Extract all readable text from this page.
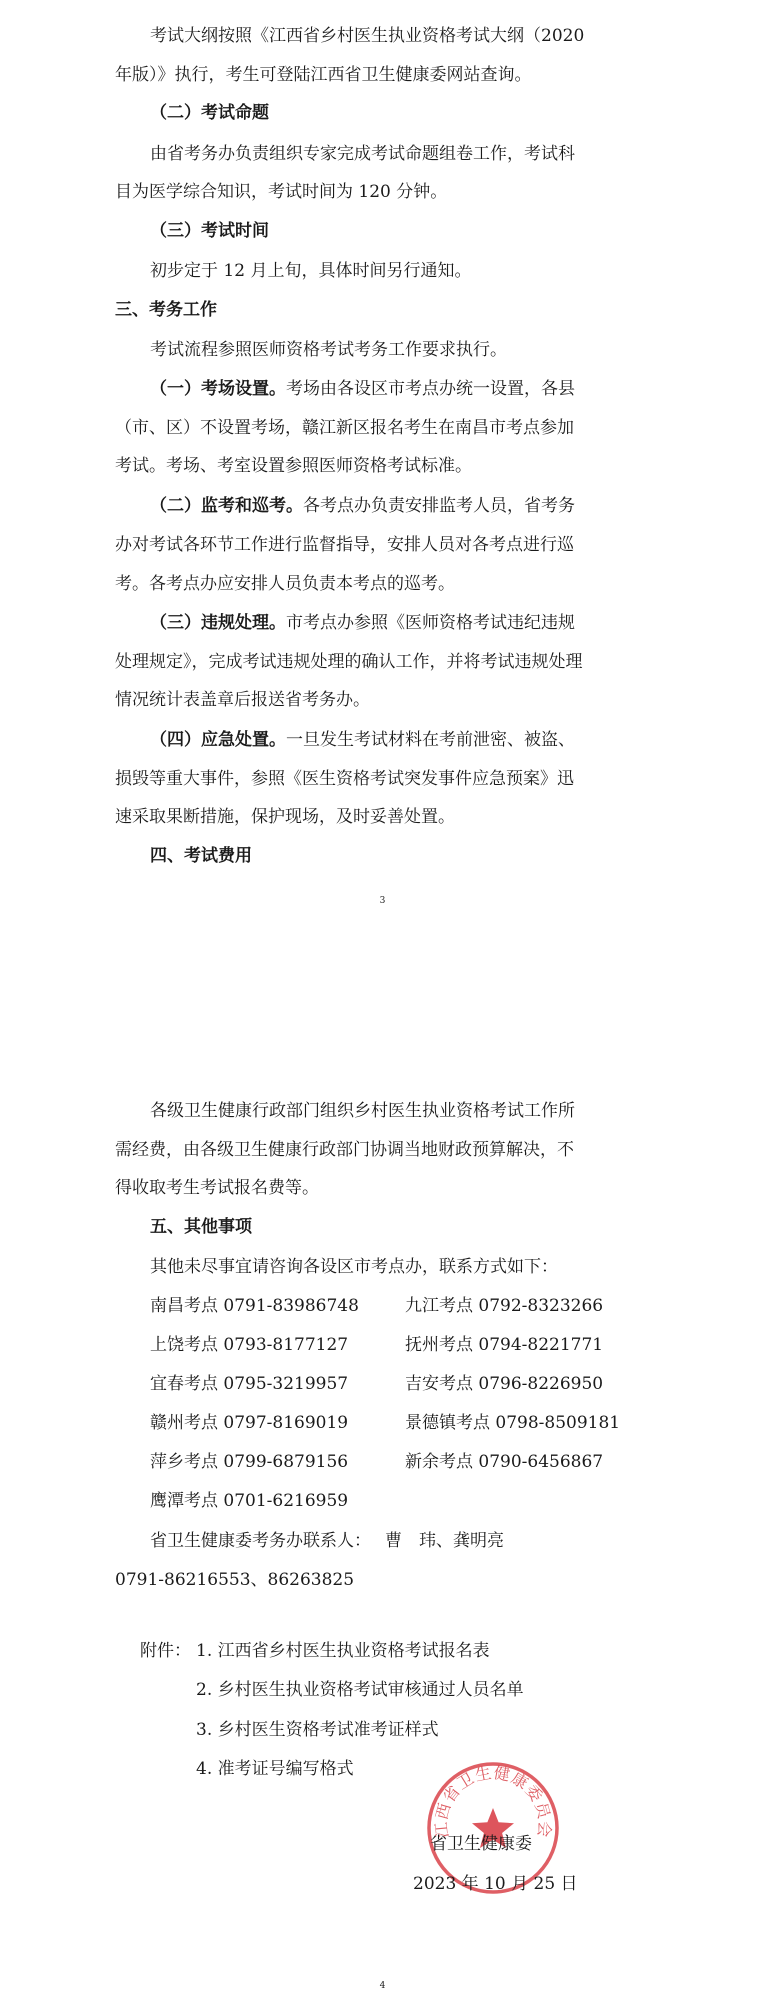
考试大纲按照《江西省乡村医生执业资格考试大纲（2020

年版）》执行，考生可登陆江西省卫生健康委网站查询。

（二）考试命题

由省考务办负责组织专家完成考试命题组卷工作，考试科

目为医学综合知识，考试时间为 120 分钟。

（三）考试时间

初步定于 12 月上旬，具体时间另行通知。

三、考务工作

考试流程参照医师资格考试考务工作要求执行。

（一）考场设置。考场由各设区市考点办统一设置，各县

（市、区）不设置考场，赣江新区报名考生在南昌市考点参加

考试。考场、考室设置参照医师资格考试标准。

（二）监考和巡考。各考点办负责安排监考人员，省考务

办对考试各环节工作进行监督指导，安排人员对各考点进行巡

考。各考点办应安排人员负责本考点的巡考。

（三）违规处理。市考点办参照《医师资格考试违纪违规

处理规定》，完成考试违规处理的确认工作，并将考试违规处理

情况统计表盖章后报送省考务办。

（四）应急处置。一旦发生考试材料在考前泄密、被盗、

损毁等重大事件，参照《医生资格考试突发事件应急预案》迅

速采取果断措施，保护现场，及时妥善处置。

四、考试费用

3

各级卫生健康行政部门组织乡村医生执业资格考试工作所

需经费，由各级卫生健康行政部门协调当地财政预算解决，不

得收取考生考试报名费等。

五、其他事项

其他未尽事宜请咨询各设区市考点办，联系方式如下：

南昌考点 0791-83986748	九江考点 0792-8323266
上饶考点 0793-8177127	抚州考点 0794-8221771
宜春考点 0795-3219957	吉安考点 0796-8226950
赣州考点 0797-8169019	景德镇考点 0798-8509181
萍乡考点 0799-6879156	新余考点 0790-6456867
鹰潭考点 0701-6216959

省卫生健康委考务办联系人： 曹　玮、龚明亮

0791-86216553、86263825

附件： 1. 江西省乡村医生执业资格考试报名表

2. 乡村医生执业资格考试审核通过人员名单

3. 乡村医生资格考试准考证样式

4. 准考证号编写格式

江西省卫生健康委员会

省卫生健康委

2023 年 10 月 25 日

4
